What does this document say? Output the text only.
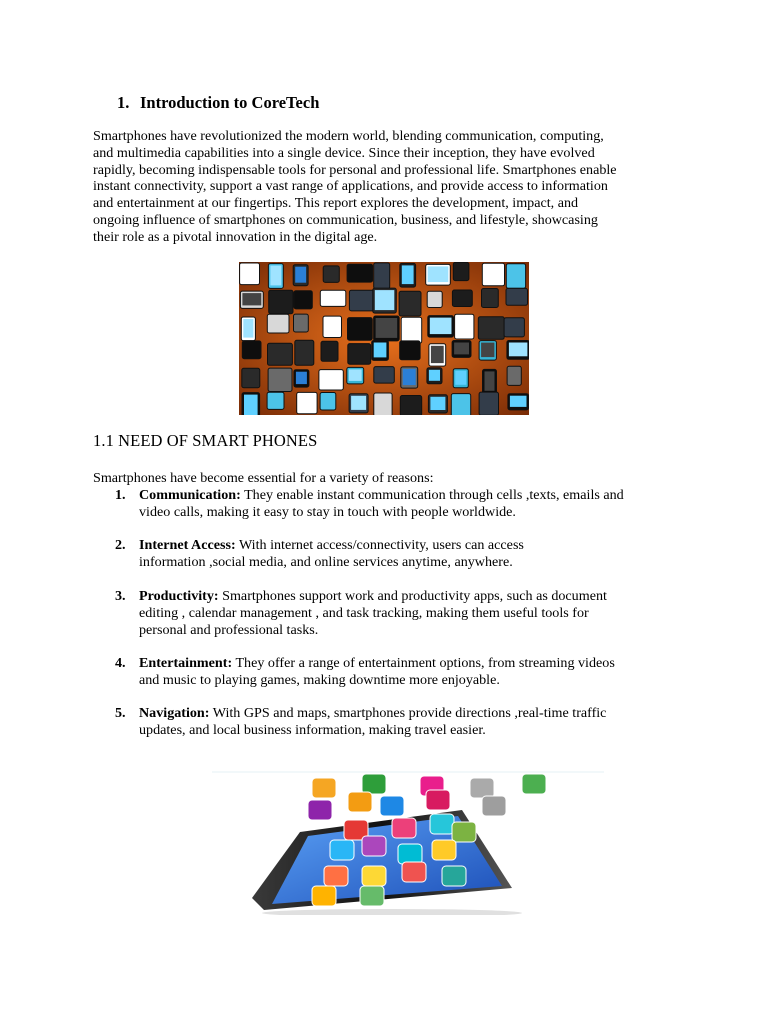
1. Introduction to CoreTech
Smartphones have revolutionized the modern world, blending communication, computing,
and multimedia capabilities into a single device. Since their inception, they have evolved
rapidly, becoming indispensable tools for personal and professional life. Smartphones enable
instant connectivity, support a vast range of applications, and provide access to information
and entertainment at our fingertips. This report explores the development, impact, and
ongoing influence of smartphones on communication, business, and lifestyle, showcasing
their role as a pivotal innovation in the digital age.
1.1 NEED OF SMART PHONES

Smartphones have become essential for a variety of reasons:

1. Communication: They enable instant communication through cells ,texts, emails and
video calls, making it easy to stay in touch with people worldwide.
2. Internet Access: With internet access/connectivity, users can access
information ,social media, and online services anytime, anywhere.
3. Productivity: Smartphones support work and productivity apps, such as document
editing , calendar management , and task tracking, making them useful tools for
personal and professional tasks.
4. Entertainment: They offer a range of entertainment options, from streaming videos
and music to playing games, making downtime more enjoyable.
5. Navigation: With GPS and maps, smartphones provide directions ,real-time traffic
updates, and local business information, making travel easier.
